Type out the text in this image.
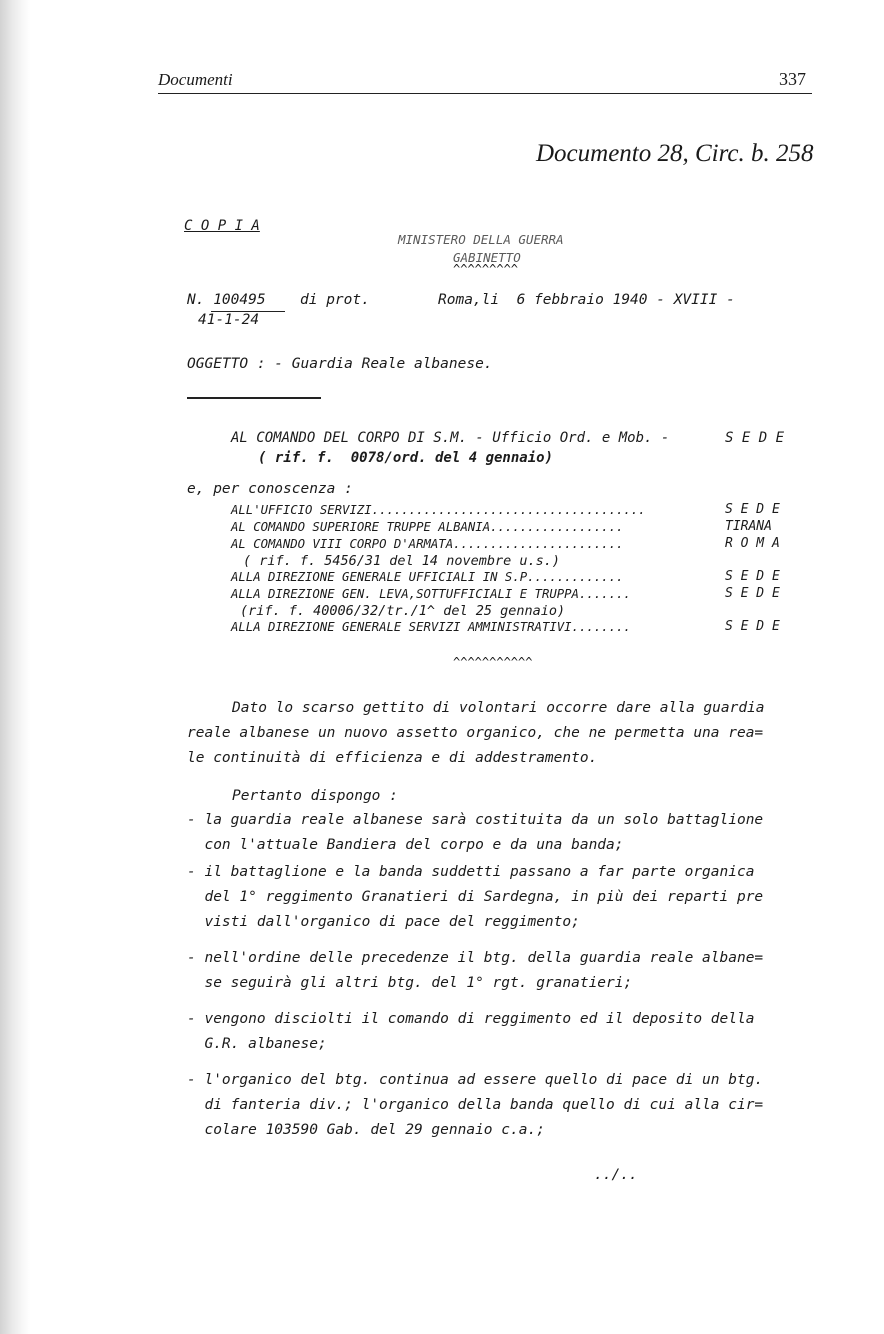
Documenti	337
Documento 28, Circ. b. 258
C O P I A
MINISTERO DELLA GUERRA
GABINETTO
^^^^^^^^^
N. 100495 di prot.	Roma,li  6 febbraio 1940 - XVIII -
41-1-24
OGGETTO : - Guardia Reale albanese.
AL COMANDO DEL CORPO DI S.M. - Ufficio Ord. e Mob. -	S E D E
( rif. f.  0078/ord. del 4 gennaio)
e, per conoscenza :
ALL'UFFICIO SERVIZI.....................................	S E D E
AL COMANDO SUPERIORE TRUPPE ALBANIA..................	TIRANA
AL COMANDO VIII CORPO D'ARMATA.......................	R O M A
( rif. f. 5456/31 del 14 novembre u.s.)
ALLA DIREZIONE GENERALE UFFICIALI IN S.P.............	S E D E
ALLA DIREZIONE GEN. LEVA,SOTTUFFICIALI E TRUPPA.......	S E D E
(rif. f. 40006/32/tr./1^ del 25 gennaio)
ALLA DIREZIONE GENERALE SERVIZI AMMINISTRATIVI........	S E D E
^^^^^^^^^^^
Dato lo scarso gettito di volontari occorre dare alla guardia
reale albanese un nuovo assetto organico, che ne permetta una rea=
le continuità di efficienza e di addestramento.
Pertanto dispongo :
- la guardia reale albanese sarà costituita da un solo battaglione
con l'attuale Bandiera del corpo e da una banda;
- il battaglione e la banda suddetti passano a far parte organica
del 1° reggimento Granatieri di Sardegna, in più dei reparti pre
visti dall'organico di pace del reggimento;
- nell'ordine delle precedenze il btg. della guardia reale albane=
se seguirà gli altri btg. del 1° rgt. granatieri;
- vengono disciolti il comando di reggimento ed il deposito della
G.R. albanese;
- l'organico del btg. continua ad essere quello di pace di un btg.
di fanteria div.; l'organico della banda quello di cui alla cir=
colare 103590 Gab. del 29 gennaio c.a.;
../..
